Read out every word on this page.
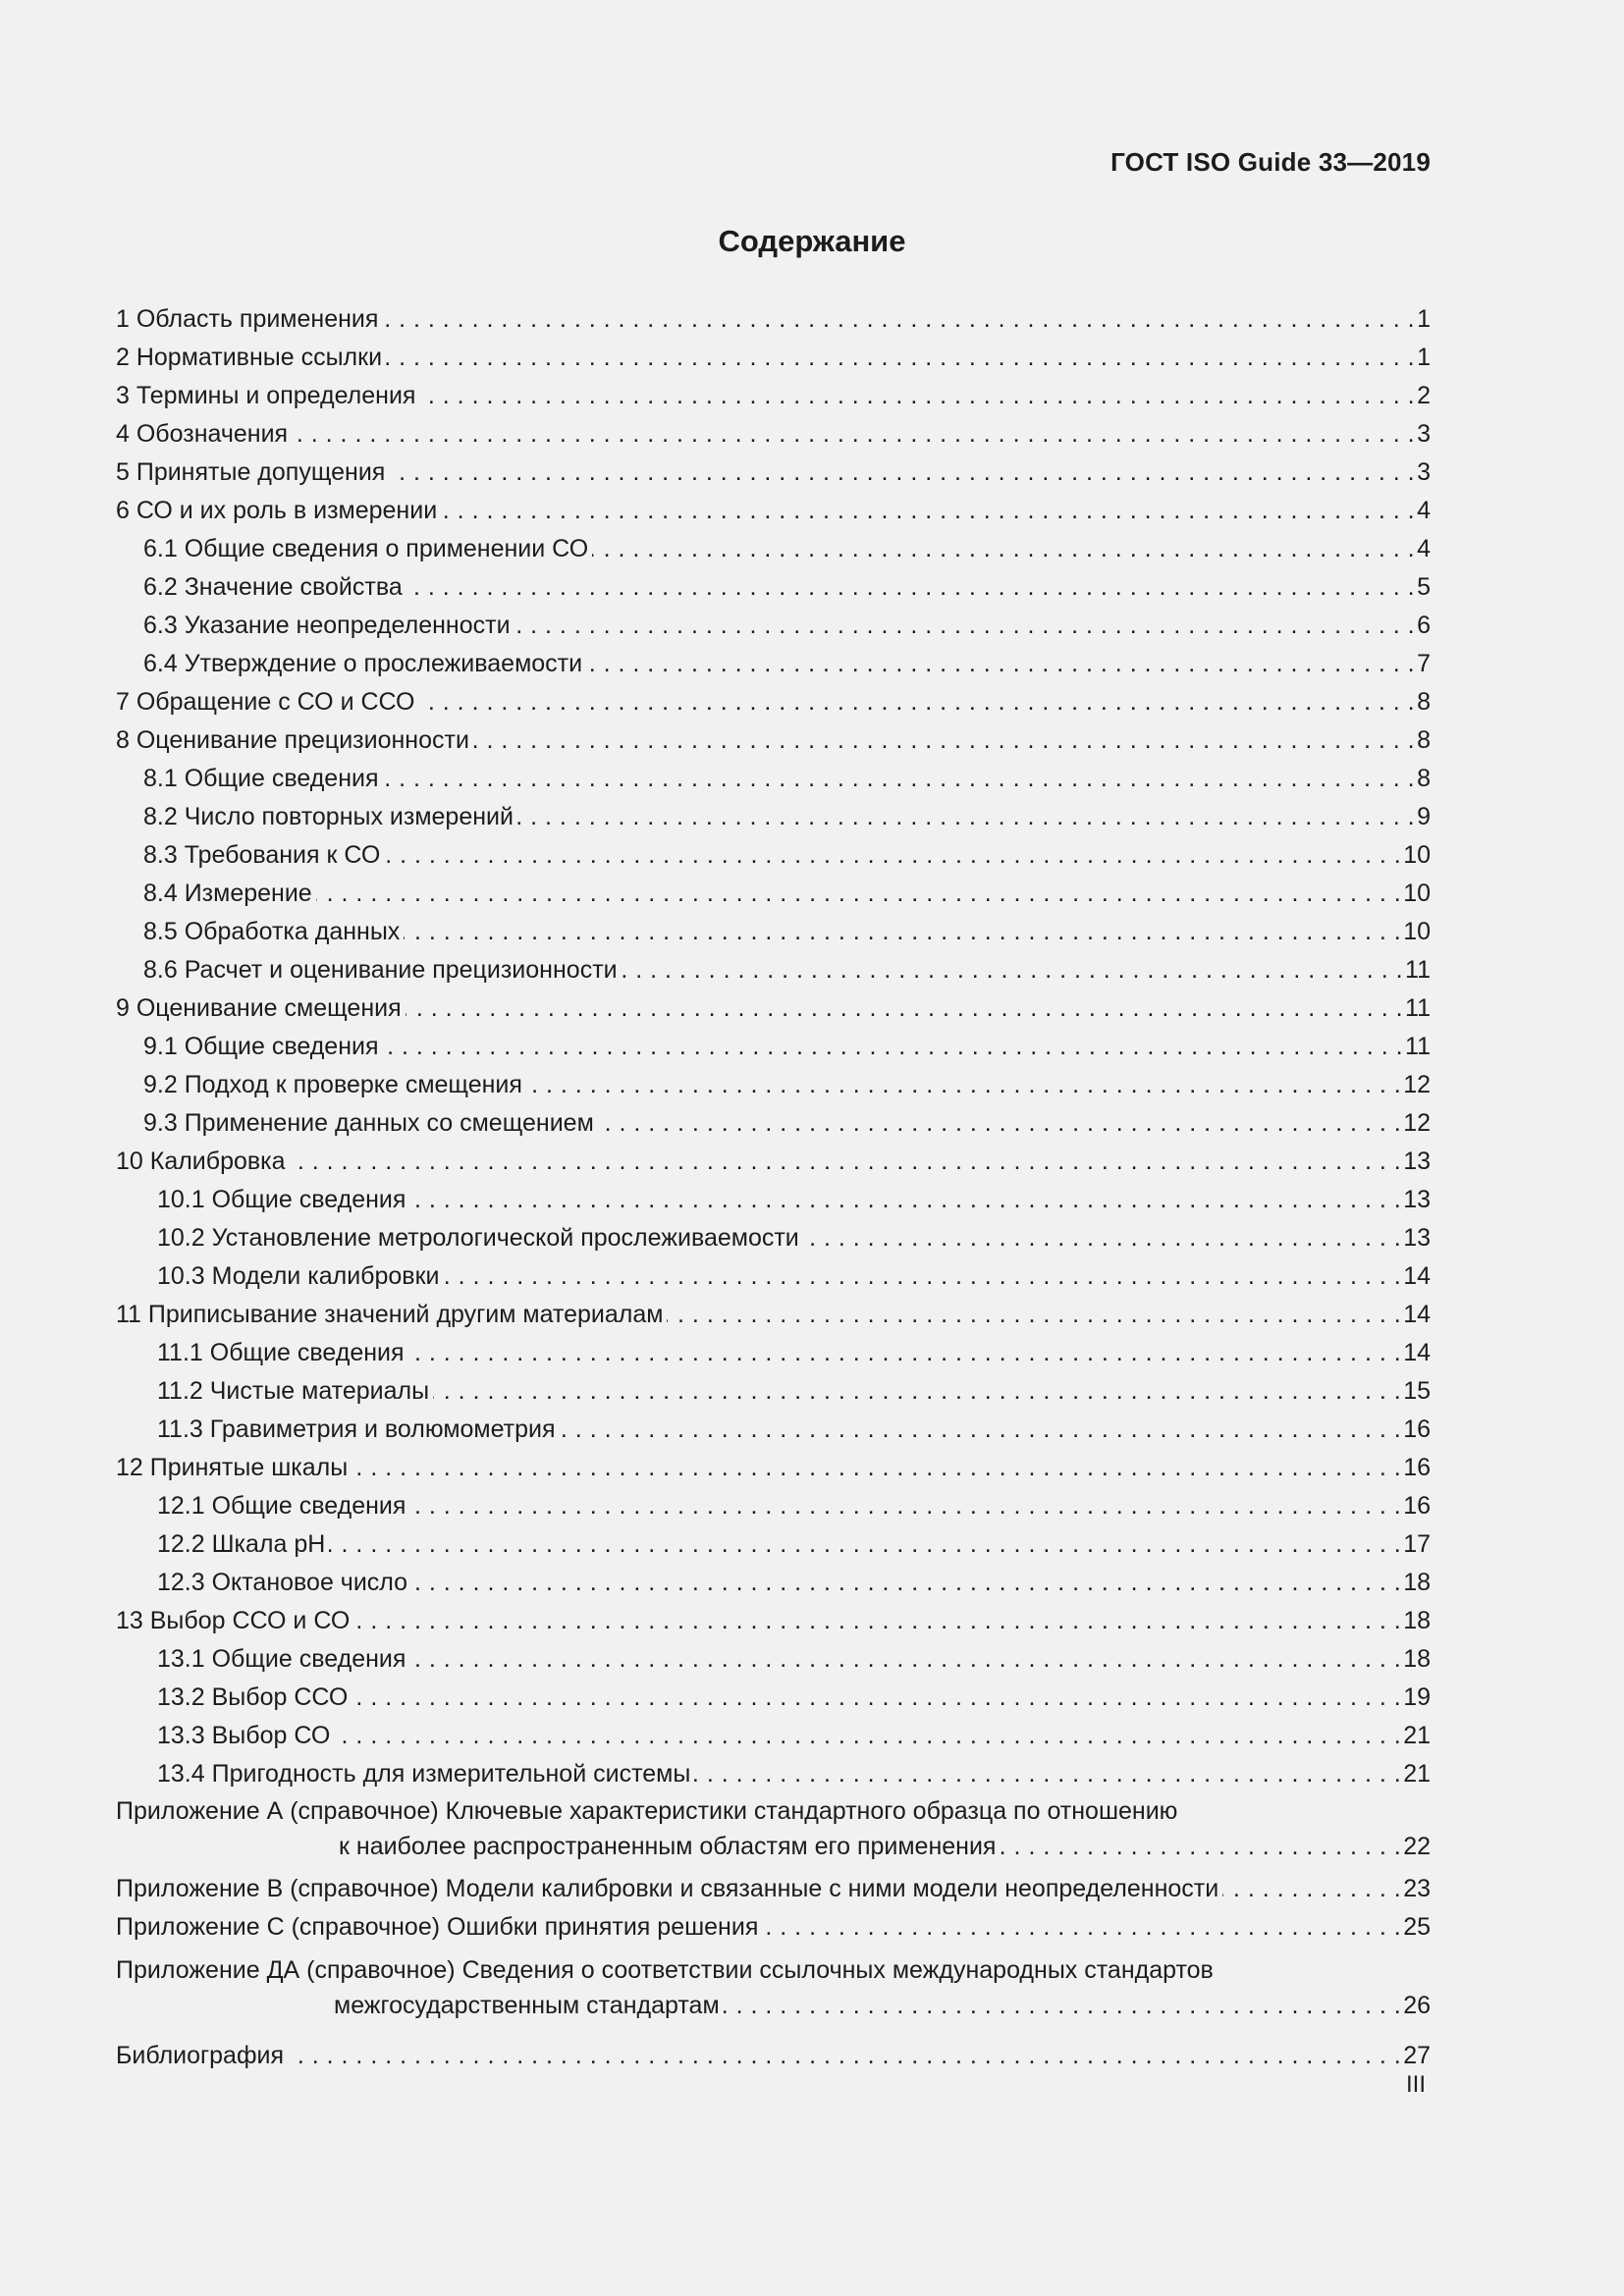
ГОСТ ISO Guide 33—2019
Содержание
1 Область применения . . .	1
2 Нормативные ссылки . . .	1
3 Термины и определения . . .	2
4 Обозначения . . .	3
5 Принятые допущения . . .	3
6 СО и их роль в измерении . . .	4
6.1 Общие сведения о применении СО . . .	4
6.2 Значение свойства . . .	5
6.3 Указание неопределенности . . .	6
6.4 Утверждение о прослеживаемости . . .	7
7 Обращение с СО и ССО . . .	8
8 Оценивание прецизионности . . .	8
8.1 Общие сведения . . .	8
8.2 Число повторных измерений . . .	9
8.3 Требования к СО . . .	10
8.4 Измерение . . .	10
8.5 Обработка данных . . .	10
8.6 Расчет и оценивание прецизионности . . .	11
9 Оценивание смещения . . .	11
9.1 Общие сведения . . .	11
9.2 Подход к проверке смещения . . .	12
9.3 Применение данных со смещением . . .	12
10 Калибровка . . .	13
10.1 Общие сведения . . .	13
10.2 Установление метрологической прослеживаемости . . .	13
10.3 Модели калибровки . . .	14
11 Приписывание значений другим материалам . . .	14
11.1 Общие сведения . . .	14
11.2 Чистые материалы . . .	15
11.3 Гравиметрия и волюмометрия . . .	16
12 Принятые шкалы . . .	16
12.1 Общие сведения . . .	16
12.2 Шкала рН . . .	17
12.3 Октановое число . . .	18
13 Выбор ССО и СО . . .	18
13.1 Общие сведения . . .	18
13.2 Выбор ССО . . .	19
13.3 Выбор СО . . .	21
13.4 Пригодность для измерительной системы . . .	21
Приложение А (справочное) Ключевые характеристики стандартного образца по отношению
к наиболее распространенным областям его применения . . .	22
Приложение В (справочное) Модели калибровки и связанные с ними модели неопределенности . . .	23
Приложение С (справочное) Ошибки принятия решения . . .	25
Приложение ДА (справочное) Сведения о соответствии ссылочных международных стандартов
межгосударственным стандартам . . .	26
Библиография . . .	27
III
